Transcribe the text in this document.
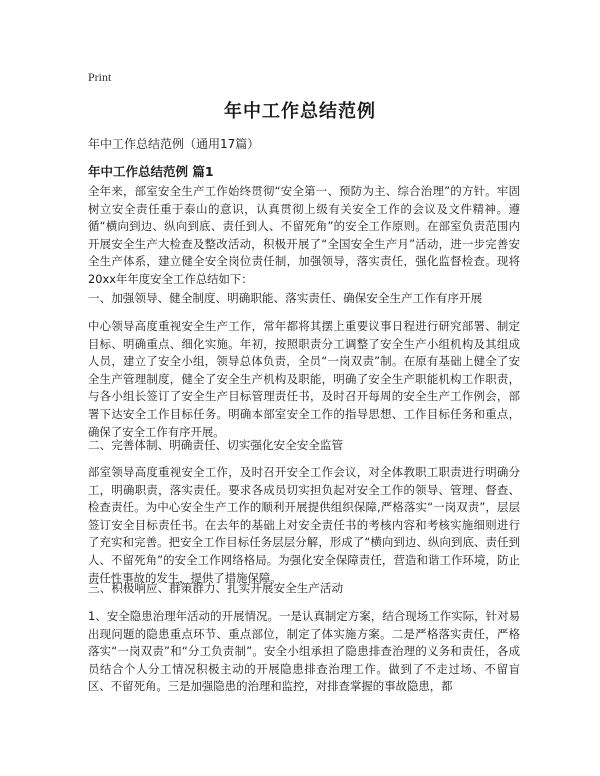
Print
年中工作总结范例
年中工作总结范例（通用17篇）
年中工作总结范例 篇1
全年来，部室安全生产工作始终贯彻“安全第一、预防为主、综合治理”的方针。牢固树立安全责任重于泰山的意识，认真贯彻上级有关安全工作的会议及文件精神。遵循“横向到边、纵向到底、责任到人、不留死角”的安全工作原则。在部室负责范围内开展安全生产大检查及整改活动，积极开展了“全国安全生产月”活动，进一步完善安全生产体系，建立健全安全岗位责任制，加强领导，落实责任，强化监督检查。现将20xx年年度安全工作总结如下：
一、加强领导、健全制度、明确职能、落实责任、确保安全生产工作有序开展
中心领导高度重视安全生产工作，常年都将其摆上重要议事日程进行研究部署、制定目标、明确重点、细化实施。年初，按照职责分工调整了安全生产小组机构及其组成人员，建立了安全小组，领导总体负责，全员“一岗双责”制。在原有基础上健全了安全生产管理制度，健全了安全生产机构及职能，明确了安全生产职能机构工作职责，与各小组长签订了安全生产目标管理责任书，及时召开每周的安全生产工作例会，部署下达安全工作目标任务。明确本部室安全工作的指导思想、工作目标任务和重点，确保了安全工作有序开展。
二、完善体制、明确责任、切实强化安全安全监管
部室领导高度重视安全工作，及时召开安全工作会议，对全体教职工职责进行明确分工，明确职责，落实责任。要求各成员切实担负起对安全工作的领导、管理、督查、检查责任。为中心安全生产工作的顺利开展提供组织保障,严格落实“一岗双责”，层层签订安全目标责任书。在去年的基础上对安全责任书的考核内容和考核实施细则进行了充实和完善。把安全工作目标任务层层分解，形成了“横向到边、纵向到底、责任到人、不留死角”的安全工作网络格局。为强化安全保障责任，营造和谐工作环境，防止责任性事故的发生，提供了措施保障。
三、积极响应、群策群力、扎实开展安全生产活动
1、安全隐患治理年活动的开展情况。一是认真制定方案，结合现场工作实际，针对易出现问题的隐患重点环节、重点部位，制定了体实施方案。二是严格落实责任，严格落实“一岗双责”和“分工负责制”。安全小组承担了隐患排查治理的义务和责任，各成员结合个人分工情况积极主动的开展隐患排查治理工作。做到了不走过场、不留盲区、不留死角。三是加强隐患的治理和监控，对排查掌握的事故隐患，都
